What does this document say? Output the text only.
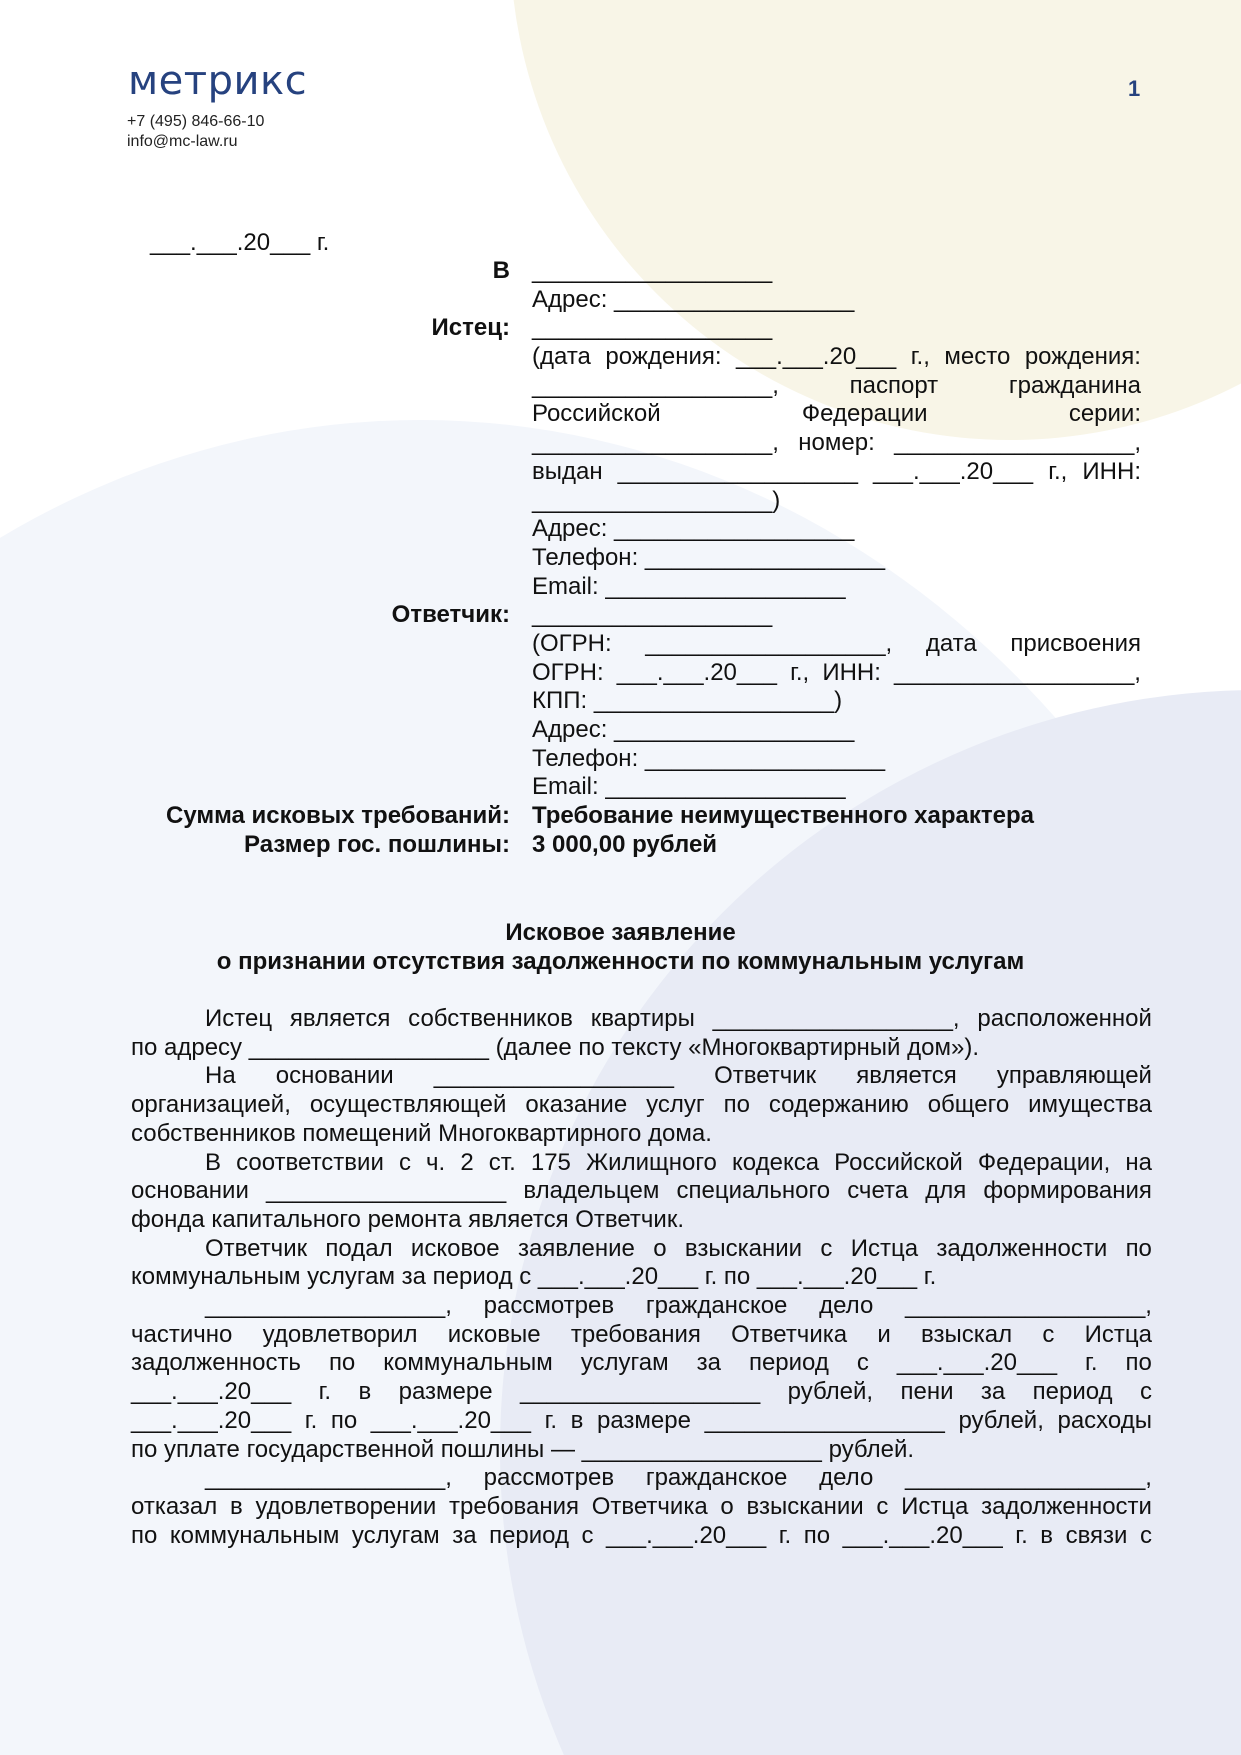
метрикс
+7 (495) 846-66-10
info@mc-law.ru
1
___.___.20___ г.
В __________________
Адрес: __________________
Истец: __________________
(дата рождения: ___.___.20___ г., место рождения:
__________________,	паспорт	гражданина
Российской	Федерации	серии:
__________________, номер: __________________,
выдан __________________ ___.___.20___ г., ИНН:
__________________)
Адрес: __________________
Телефон: __________________
Email: __________________
Ответчик: __________________
(ОГРН: __________________, дата присвоения
ОГРН: ___.___.20___ г., ИНН: __________________,
КПП: __________________)
Адрес: __________________
Телефон: __________________
Email: __________________
Сумма исковых требований: Требование неимущественного характера
Размер гос. пошлины: 3 000,00 рублей
Исковое заявление
о признании отсутствия задолженности по коммунальным услугам
Истец является собственников квартиры __________________, расположенной
по адресу __________________ (далее по тексту «Многоквартирный дом»).
На основании __________________ Ответчик является управляющей
организацией, осуществляющей оказание услуг по содержанию общего имущества
собственников помещений Многоквартирного дома.
В соответствии с ч. 2 ст. 175 Жилищного кодекса Российской Федерации, на
основании __________________ владельцем специального счета для формирования
фонда капитального ремонта является Ответчик.
Ответчик подал исковое заявление о взыскании с Истца задолженности по
коммунальным услугам за период с ___.___.20___ г. по ___.___.20___ г.
__________________, рассмотрев гражданское дело __________________,
частично удовлетворил исковые требования Ответчика и взыскал с Истца
задолженность по коммунальным услугам за период с ___.___.20___ г. по
___.___.20___ г. в размере __________________ рублей, пени за период с
___.___.20___ г. по ___.___.20___ г. в размере __________________ рублей, расходы
по уплате государственной пошлины — __________________ рублей.
__________________, рассмотрев гражданское дело __________________,
отказал в удовлетворении требования Ответчика о взыскании с Истца задолженности
по коммунальным услугам за период с ___.___.20___ г. по ___.___.20___ г. в связи с
